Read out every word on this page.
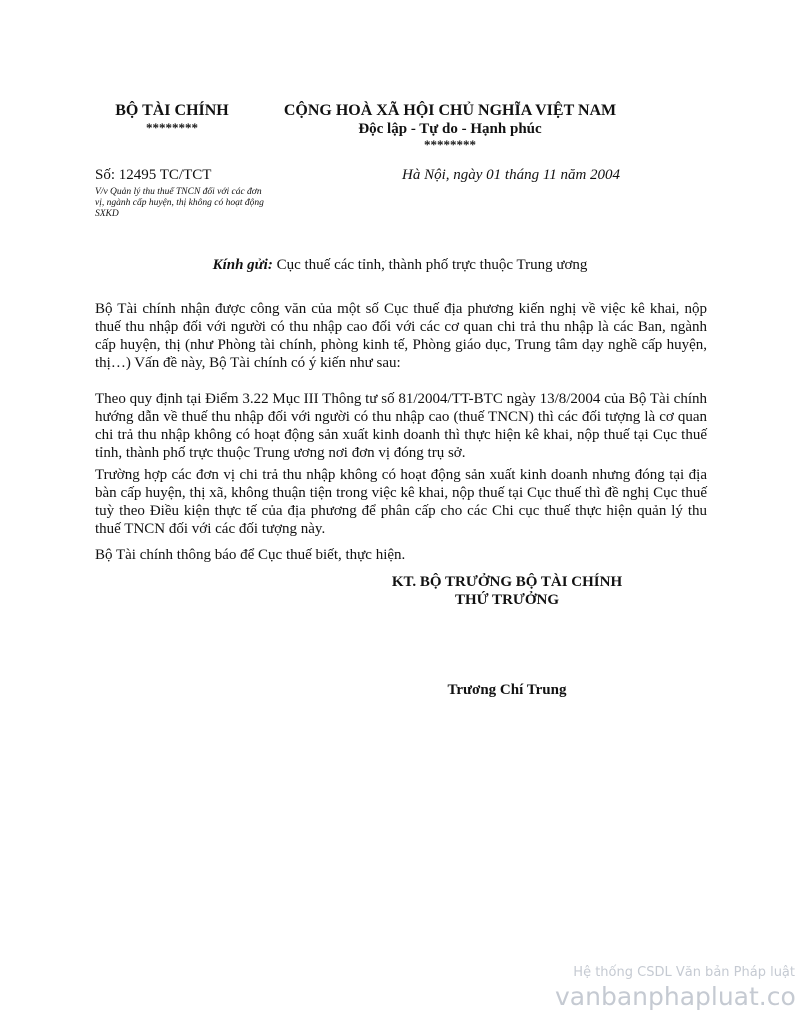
BỘ TÀI CHÍNH
********
CỘNG HOÀ XÃ HỘI CHỦ NGHĨA VIỆT NAM
Độc lập - Tự do - Hạnh phúc
********
Số: 12495 TC/TCT
V/v Quản lý thu thuế TNCN đối với các đơn vị, ngành cấp huyện, thị không có hoạt động SXKD
Hà Nội, ngày 01 tháng 11 năm 2004
Kính gửi: Cục thuế các tỉnh, thành phố trực thuộc Trung ương
Bộ Tài chính nhận được công văn của một số Cục thuế địa phương kiến nghị về việc kê khai, nộp thuế thu nhập đối với người có thu nhập cao đối với các cơ quan chi trả thu nhập là các Ban, ngành cấp huyện, thị (như Phòng tài chính, phòng kinh tế, Phòng giáo dục, Trung tâm dạy nghề cấp huyện, thị…) Vấn đề này, Bộ Tài chính có ý kiến như sau:
Theo quy định tại Điểm 3.22 Mục III Thông tư số 81/2004/TT-BTC ngày 13/8/2004 của Bộ Tài chính hướng dẫn về thuế thu nhập đối với người có thu nhập cao (thuế TNCN) thì các đối tượng là cơ quan chi trả thu nhập không có hoạt động sản xuất kinh doanh thì thực hiện kê khai, nộp thuế tại Cục thuế tỉnh, thành phố trực thuộc Trung ương nơi đơn vị đóng trụ sở.
Trường hợp các đơn vị chi trả thu nhập không có hoạt động sản xuất kinh doanh nhưng đóng tại địa bàn cấp huyện, thị xã, không thuận tiện trong việc kê khai, nộp thuế tại Cục thuế thì đề nghị Cục thuế tuỳ theo Điều kiện thực tế của địa phương để phân cấp cho các Chi cục thuế thực hiện quản lý thu thuế TNCN đối với các đối tượng này.
Bộ Tài chính thông báo để Cục thuế biết, thực hiện.
KT. BỘ TRƯỞNG BỘ TÀI CHÍNH
THỨ TRƯỞNG
Trương Chí Trung
Hệ thống CSDL Văn bản Pháp luật
vanbanphapluat.co
